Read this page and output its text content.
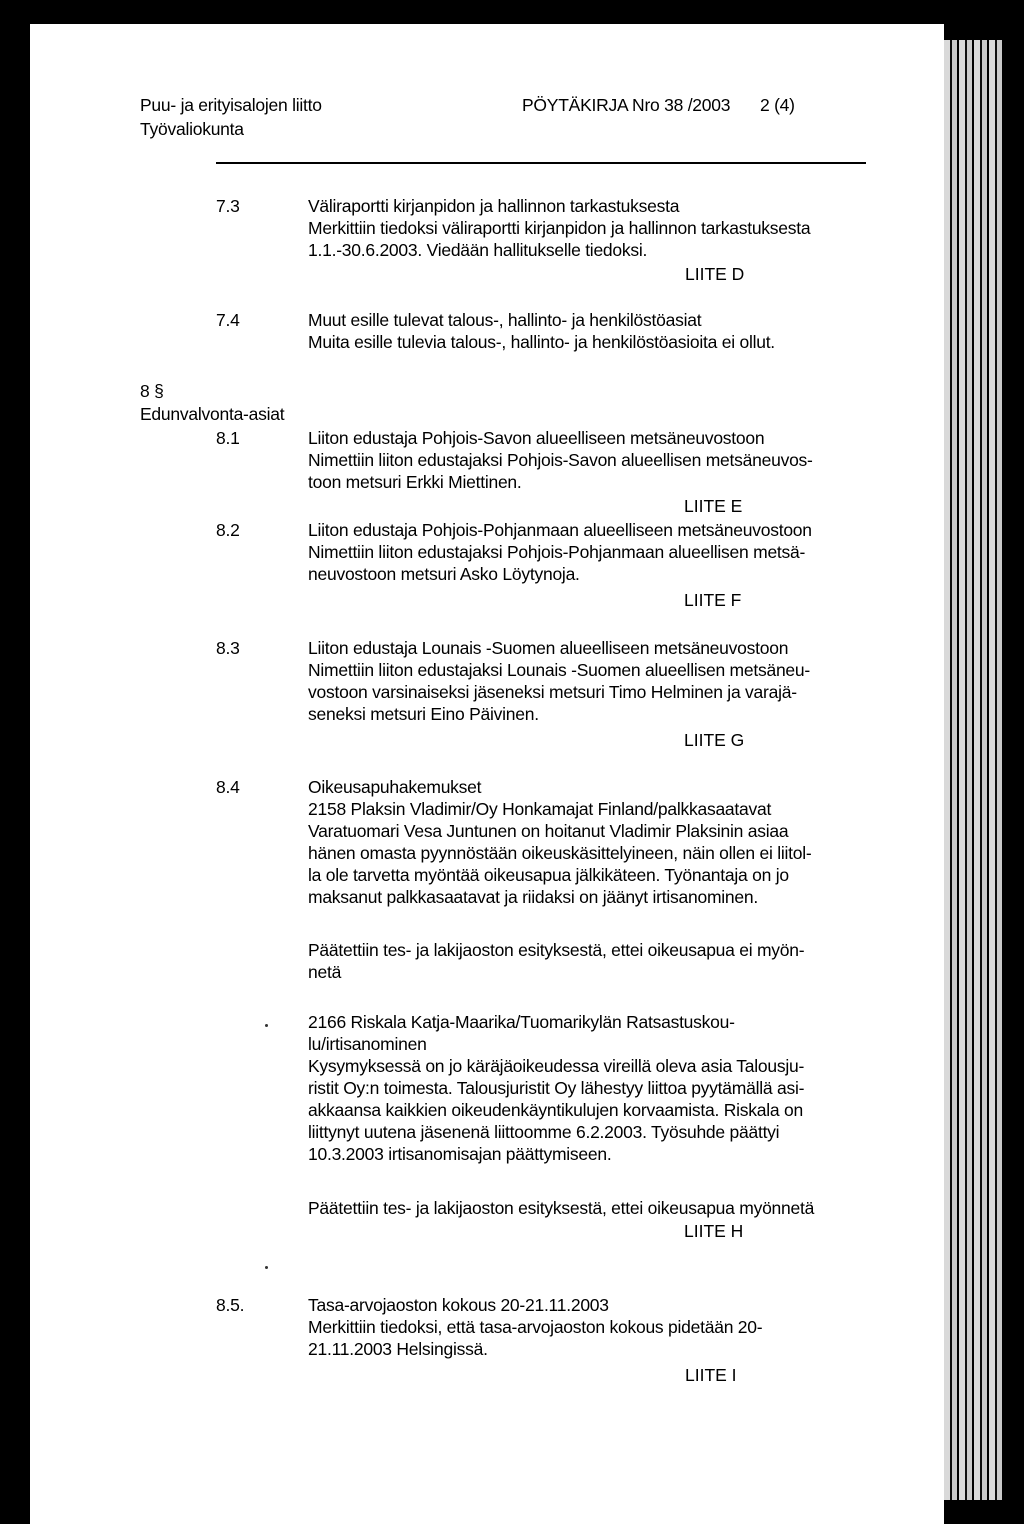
Puu- ja erityisalojen liitto
Työvaliokunta
PÖYTÄKIRJA Nro 38 /2003 2 (4)
7.3	Väliraportti kirjanpidon ja hallinnon tarkastuksesta
Merkittiin tiedoksi väliraportti kirjanpidon ja hallinnon tarkastuksesta
1.1.-30.6.2003. Viedään hallitukselle tiedoksi.
LIITE D
7.4	Muut esille tulevat talous-, hallinto- ja henkilöstöasiat
Muita esille tulevia talous-, hallinto- ja henkilöstöasioita ei ollut.
8 §
Edunvalvonta-asiat
8.1	Liiton edustaja Pohjois-Savon alueelliseen metsäneuvostoon
Nimettiin liiton edustajaksi Pohjois-Savon alueellisen metsäneuvos-
toon metsuri Erkki Miettinen.
LIITE E
8.2	Liiton edustaja Pohjois-Pohjanmaan alueelliseen metsäneuvostoon
Nimettiin liiton edustajaksi Pohjois-Pohjanmaan alueellisen metsä-
neuvostoon metsuri Asko Löytynoja.
LIITE F
8.3	Liiton edustaja Lounais -Suomen alueelliseen metsäneuvostoon
Nimettiin liiton edustajaksi Lounais -Suomen alueellisen metsäneu-
vostoon varsinaiseksi jäseneksi metsuri Timo Helminen ja varajä-
seneksi metsuri Eino Päivinen.
LIITE G
8.4	Oikeusapuhakemukset
2158 Plaksin Vladimir/Oy Honkamajat Finland/palkkasaatavat
Varatuomari Vesa Juntunen on hoitanut Vladimir Plaksinin asiaa
hänen omasta pyynnöstään oikeuskäsittelyineen, näin ollen ei liitol-
la ole tarvetta myöntää oikeusapua jälkikäteen. Työnantaja on jo
maksanut palkkasaatavat ja riidaksi on jäänyt irtisanominen.
Päätettiin tes- ja lakijaoston esityksestä, ettei oikeusapua ei myön-
netä
2166 Riskala Katja-Maarika/Tuomarikylän Ratsastuskou-
lu/irtisanominen
Kysymyksessä on jo käräjäoikeudessa vireillä oleva asia Talousju-
ristit Oy:n toimesta. Talousjuristit Oy lähestyy liittoa pyytämällä asi-
akkaansa kaikkien oikeudenkäyntikulujen korvaamista. Riskala on
liittynyt uutena jäsenenä liittoomme 6.2.2003. Työsuhde päättyi
10.3.2003 irtisanomisajan päättymiseen.
Päätettiin tes- ja lakijaoston esityksestä, ettei oikeusapua myönnetä
LIITE H
8.5.	Tasa-arvojaoston kokous 20-21.11.2003
Merkittiin tiedoksi, että tasa-arvojaoston kokous pidetään 20-
21.11.2003 Helsingissä.
LIITE I
